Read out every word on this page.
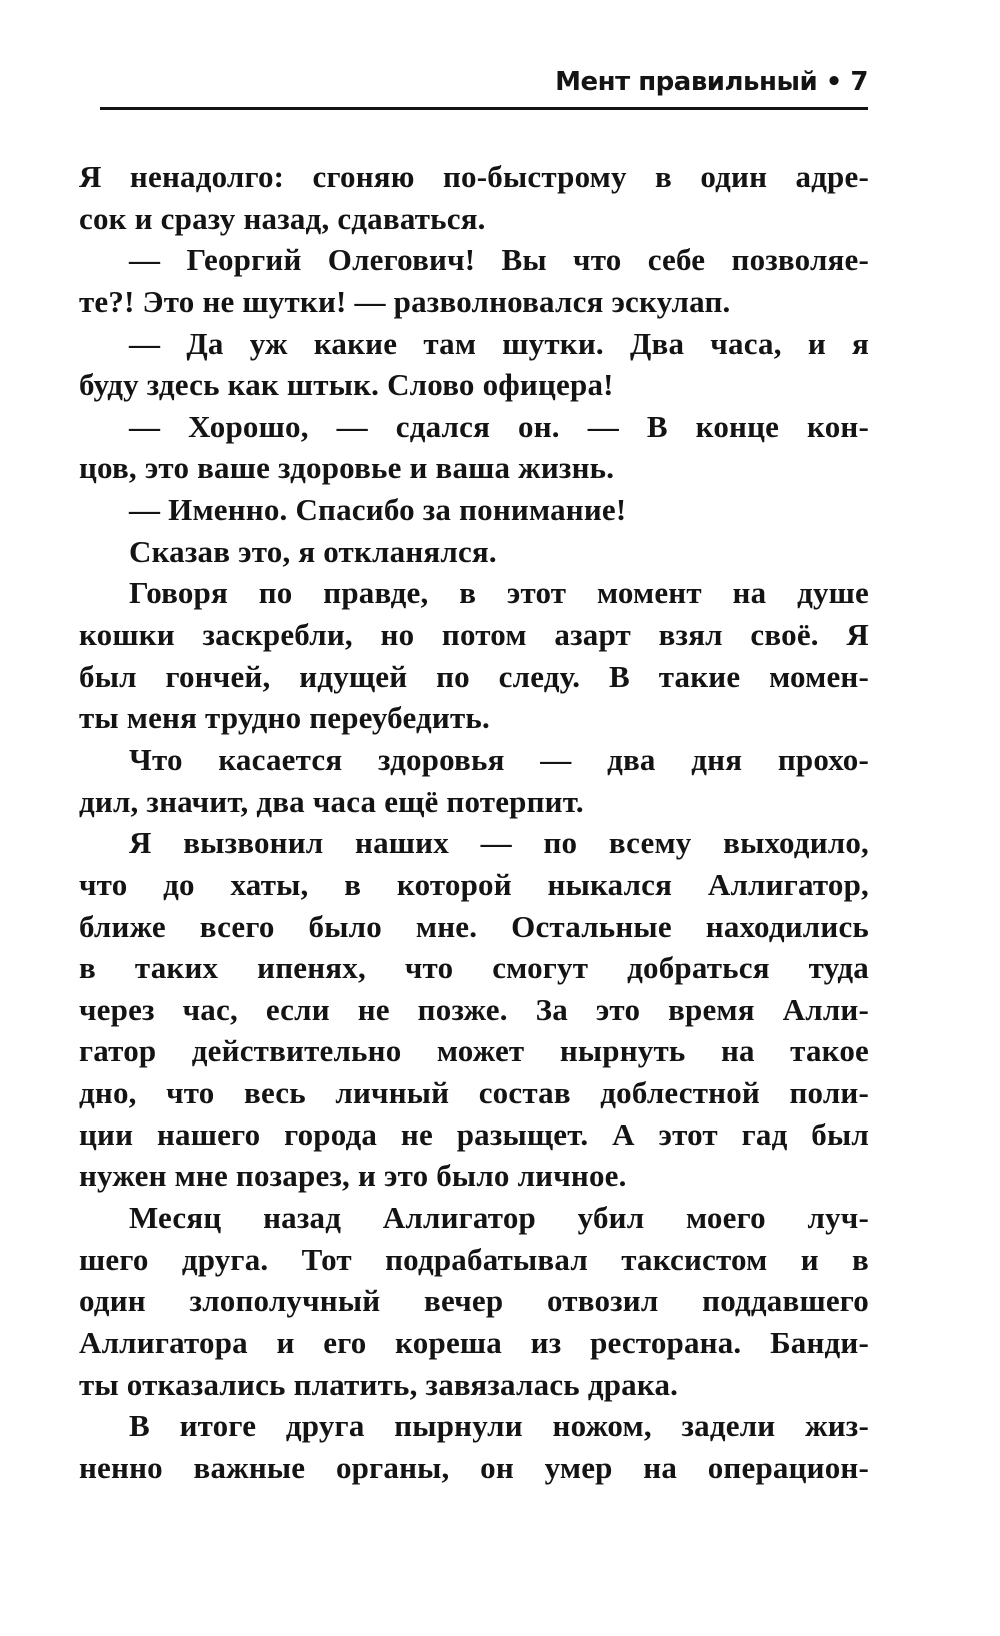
Мент правильный • 7
Я ненадолго: сгоняю по-быстрому в один адре-
сок и сразу назад, сдаваться.
— Георгий Олегович! Вы что себе позволяе-
те?! Это не шутки! — разволновался эскулап.
— Да уж какие там шутки. Два часа, и я
буду здесь как штык. Слово офицера!
— Хорошо, — сдался он. — В конце кон-
цов, это ваше здоровье и ваша жизнь.
— Именно. Спасибо за понимание!
Сказав это, я откланялся.
Говоря по правде, в этот момент на душе
кошки заскребли, но потом азарт взял своё. Я
был гончей, идущей по следу. В такие момен-
ты меня трудно переубедить.
Что касается здоровья — два дня прохо-
дил, значит, два часа ещё потерпит.
Я вызвонил наших — по всему выходило,
что до хаты, в которой ныкался Аллигатор,
ближе всего было мне. Остальные находились
в таких ипенях, что смогут добраться туда
через час, если не позже. За это время Алли-
гатор действительно может нырнуть на такое
дно, что весь личный состав доблестной поли-
ции нашего города не разыщет. А этот гад был
нужен мне позарез, и это было личное.
Месяц назад Аллигатор убил моего луч-
шего друга. Тот подрабатывал таксистом и в
один злополучный вечер отвозил поддавшего
Аллигатора и его кореша из ресторана. Банди-
ты отказались платить, завязалась драка.
В итоге друга пырнули ножом, задели жиз-
ненно важные органы, он умер на операцион-
